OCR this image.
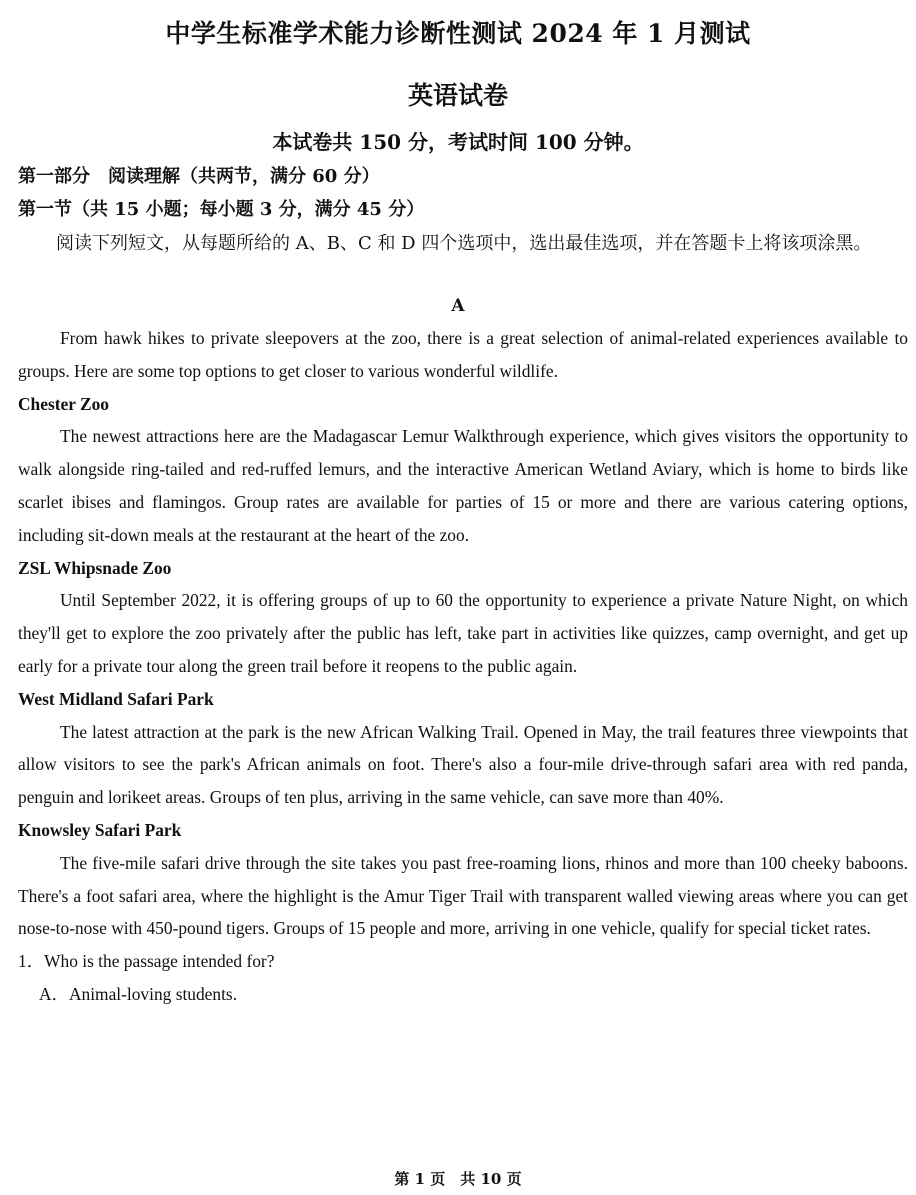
中学生标准学术能力诊断性测试 2024 年 1 月测试
英语试卷
本试卷共 150 分，考试时间 100 分钟。
第一部分　阅读理解（共两节，满分 60 分）
第一节（共 15 小题；每小题 3 分，满分 45 分）
阅读下列短文，从每题所给的 A、B、C 和 D 四个选项中，选出最佳选项，并在答题卡上将该项涂黑。
A

From hawk hikes to private sleepovers at the zoo, there is a great selection of animal-related experiences available to groups. Here are some top options to get closer to various wonderful wildlife.

Chester Zoo

The newest attractions here are the Madagascar Lemur Walkthrough experience, which gives visitors the opportunity to walk alongside ring-tailed and red-ruffed lemurs, and the interactive American Wetland Aviary, which is home to birds like scarlet ibises and flamingos. Group rates are available for parties of 15 or more and there are various catering options, including sit-down meals at the restaurant at the heart of the zoo.

ZSL Whipsnade Zoo

Until September 2022, it is offering groups of up to 60 the opportunity to experience a private Nature Night, on which they'll get to explore the zoo privately after the public has left, take part in activities like quizzes, camp overnight, and get up early for a private tour along the green trail before it reopens to the public again.

West Midland Safari Park

The latest attraction at the park is the new African Walking Trail. Opened in May, the trail features three viewpoints that allow visitors to see the park's African animals on foot. There's also a four-mile drive-through safari area with red panda, penguin and lorikeet areas. Groups of ten plus, arriving in the same vehicle, can save more than 40%.

Knowsley Safari Park

The five-mile safari drive through the site takes you past free-roaming lions, rhinos and more than 100 cheeky baboons. There's a foot safari area, where the highlight is the Amur Tiger Trail with transparent walled viewing areas where you can get nose-to-nose with 450-pound tigers. Groups of 15 people and more, arriving in one vehicle, qualify for special ticket rates.

1．Who is the passage intended for?

A．Animal-loving students.

第 1 页　共 10 页
